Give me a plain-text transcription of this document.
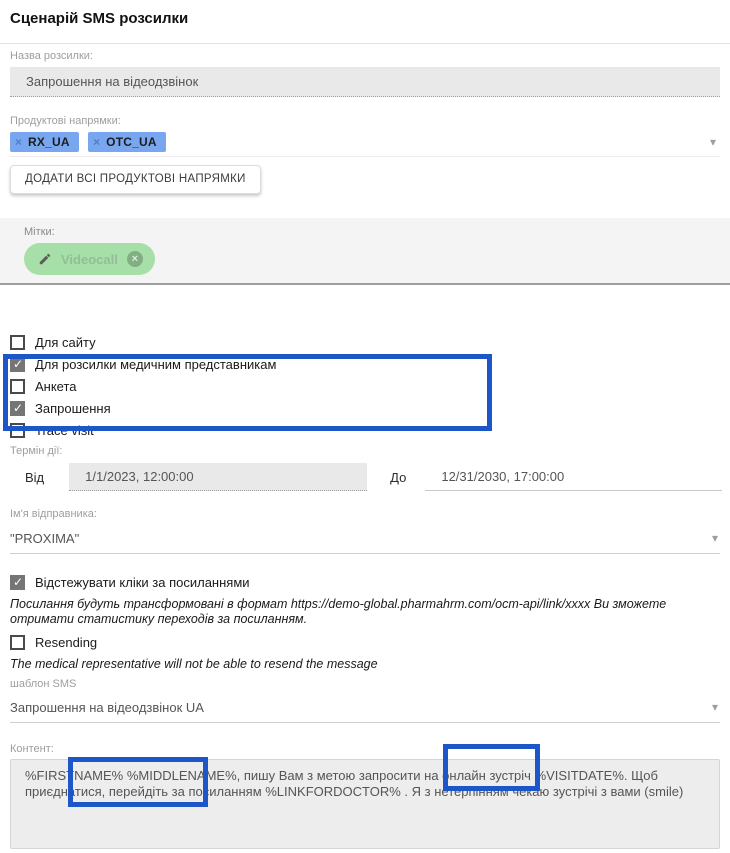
Сценарій SMS розсилки
Назва розсилки:
Запрошення на відеодзвінок
Продуктові напрямки:
× RX_UA
× OTC_UA	▾
ДОДАТИ ВСІ ПРОДУКТОВІ НАПРЯМКИ
Мітки:
Videocall	×
Для сайту
✓
Для розсилки медичним представникам
Анкета
✓
Запрошення
Trace visit
Термін дії:
Від	1/1/2023, 12:00:00	До	12/31/2030, 17:00:00
Ім'я відправника:
"PROXIMA"	▾
✓
Відстежувати кліки за посиланнями
Посилання будуть трансформовані в формат https://demo-global.pharmahrm.com/ocm-api/link/xxxx Ви зможете отримати статистику переходів за посиланням.
Resending
The medical representative will not be able to resend the message
шаблон SMS
Запрошення на відеодзвінок UA	▾
Контент:
%FIRSTNAME% %MIDDLENAME%, пишу Вам з метою запросити на онлайн зустріч %VISITDATE%. Щоб приєднатися, перейдіть за посиланням %LINKFORDOCTOR% . Я з нетерпінням чекаю зустрічі з вами (smile)
